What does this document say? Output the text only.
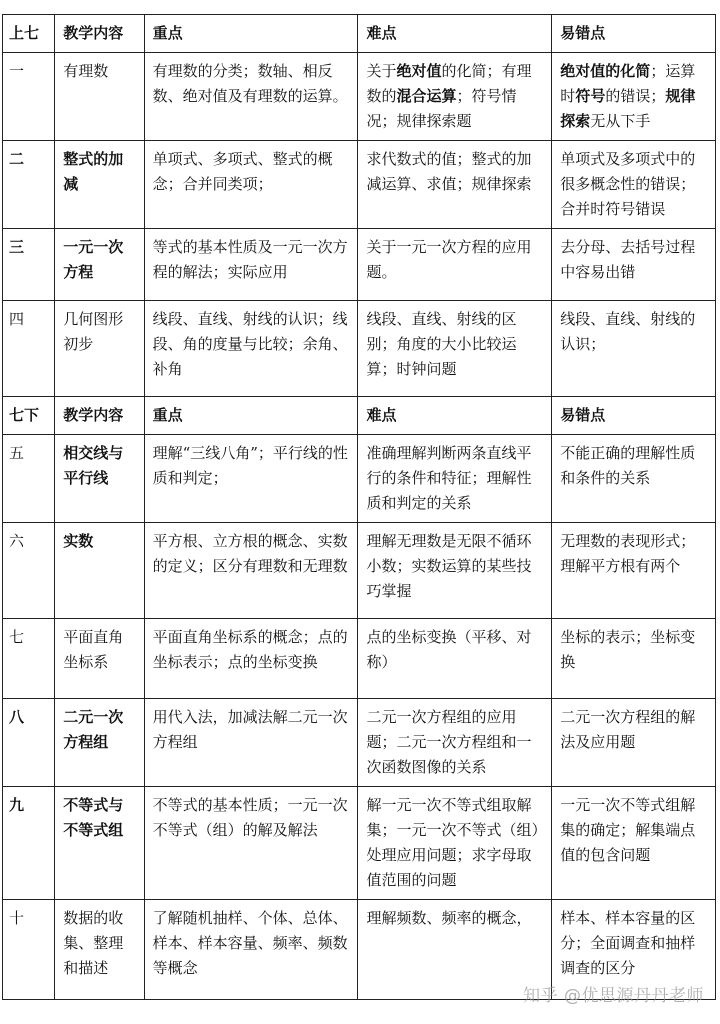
上七	教学内容	重点	难点	易错点
一	有理数	有理数的分类；数轴、相反数、绝对值及有理数的运算。	关于绝对值的化简；有理数的混合运算；符号情况；规律探索题	绝对值的化简；运算时符号的错误；规律探索无从下手
二	整式的加减	单项式、多项式、整式的概念；合并同类项；	求代数式的值；整式的加减运算、求值；规律探索	单项式及多项式中的很多概念性的错误；合并时符号错误
三	一元一次方程	等式的基本性质及一元一次方程的解法；实际应用	关于一元一次方程的应用题。	去分母、去括号过程中容易出错
四	几何图形初步	线段、直线、射线的认识；线段、角的度量与比较；余角、补角	线段、直线、射线的区别；角度的大小比较运算；时钟问题	线段、直线、射线的认识；
七下	教学内容	重点	难点	易错点
五	相交线与平行线	理解“三线八角”；平行线的性质和判定；	准确理解判断两条直线平行的条件和特征；理解性质和判定的关系	不能正确的理解性质和条件的关系
六	实数	平方根、立方根的概念、实数的定义；区分有理数和无理数	理解无理数是无限不循环小数；实数运算的某些技巧掌握	无理数的表现形式；理解平方根有两个
七	平面直角坐标系	平面直角坐标系的概念；点的坐标表示；点的坐标变换	点的坐标变换（平移、对称）	坐标的表示；坐标变换
八	二元一次方程组	用代入法，加减法解二元一次方程组	二元一次方程组的应用题；二元一次方程组和一次函数图像的关系	二元一次方程组的解法及应用题
九	不等式与不等式组	不等式的基本性质；一元一次不等式（组）的解及解法	解一元一次不等式组取解集；一元一次不等式（组）处理应用问题；求字母取值范围的问题	一元一次不等式组解集的确定；解集端点值的包含问题
十	数据的收集、整理和描述	了解随机抽样、个体、总体、样本、样本容量、频率、频数等概念	理解频数、频率的概念，	样本、样本容量的区分；全面调查和抽样调查的区分
知乎 @优思源丹丹老师
